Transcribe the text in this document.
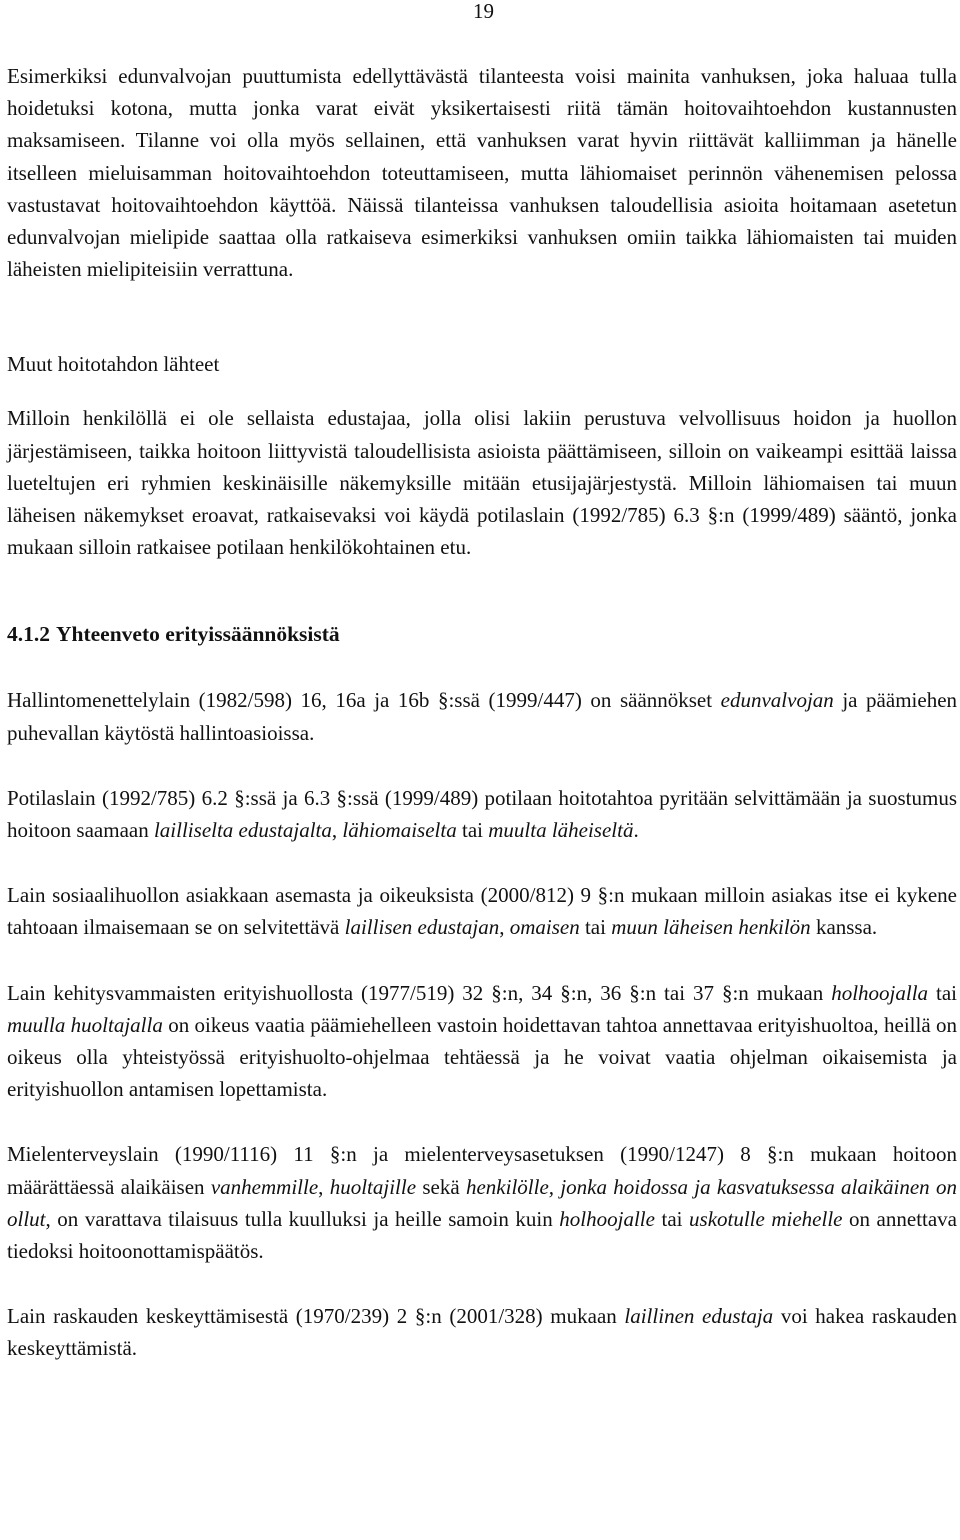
19

Esimerkiksi edunvalvojan puuttumista edellyttävästä tilanteesta voisi mainita vanhuksen, joka haluaa tulla hoidetuksi kotona, mutta jonka varat eivät yksikertaisesti riitä tämän hoitovaihtoehdon kustannusten maksamiseen. Tilanne voi olla myös sellainen, että vanhuksen varat hyvin riittävät kalliimman ja hänelle itselleen mieluisamman hoitovaihtoehdon toteuttamiseen, mutta lähiomaiset perinnön vähenemisen pelossa vastustavat hoitovaihtoehdon käyttöä. Näissä tilanteissa vanhuksen taloudellisia asioita hoitamaan asetetun edunvalvojan mielipide saattaa olla ratkaiseva esimerkiksi vanhuksen omiin taikka lähiomaisten tai muiden läheisten mielipiteisiin verrattuna.

Muut hoitotahdon lähteet

Milloin henkilöllä ei ole sellaista edustajaa, jolla olisi lakiin perustuva velvollisuus hoidon ja huollon järjestämiseen, taikka hoitoon liittyvistä taloudellisista asioista päättämiseen, silloin on vaikeampi esittää laissa lueteltujen eri ryhmien keskinäisille näkemyksille mitään etusijajärjestystä. Milloin lähiomaisen tai muun läheisen näkemykset eroavat, ratkaisevaksi voi käydä potilaslain (1992/785) 6.3 §:n (1999/489) sääntö, jonka mukaan silloin ratkaisee potilaan henkilökohtainen etu.

4.1.2 Yhteenveto erityissäännöksistä

Hallintomenettelylain (1982/598) 16, 16a ja 16b §:ssä (1999/447) on säännökset edunvalvojan ja päämiehen puhevallan käytöstä hallintoasioissa.

Potilaslain (1992/785) 6.2 §:ssä ja 6.3 §:ssä (1999/489) potilaan hoitotahtoa pyritään selvittämään ja suostumus hoitoon saamaan lailliselta edustajalta, lähiomaiselta tai muulta läheiseltä.

Lain sosiaalihuollon asiakkaan asemasta ja oikeuksista (2000/812) 9 §:n mukaan milloin asiakas itse ei kykene tahtoaan ilmaisemaan se on selvitettävä laillisen edustajan, omaisen tai muun läheisen henkilön kanssa.

Lain kehitysvammaisten erityishuollosta (1977/519) 32 §:n, 34 §:n, 36 §:n tai 37 §:n mukaan holhoojalla tai muulla huoltajalla on oikeus vaatia päämiehelleen vastoin hoidettavan tahtoa annettavaa erityishuoltoa, heillä on oikeus olla yhteistyössä erityishuolto-ohjelmaa tehtäessä ja he voivat vaatia ohjelman oikaisemista ja erityishuollon antamisen lopettamista.

Mielenterveyslain (1990/1116) 11 §:n ja mielenterveysasetuksen (1990/1247) 8 §:n mukaan hoitoon määrättäessä alaikäisen vanhemmille, huoltajille sekä henkilölle, jonka hoidossa ja kasvatuksessa alaikäinen on ollut, on varattava tilaisuus tulla kuulluksi ja heille samoin kuin holhoojalle tai uskotulle miehelle on annettava tiedoksi hoitoonottamispäätös.

Lain raskauden keskeyttämisestä (1970/239) 2 §:n (2001/328) mukaan laillinen edustaja voi hakea raskauden keskeyttämistä.
